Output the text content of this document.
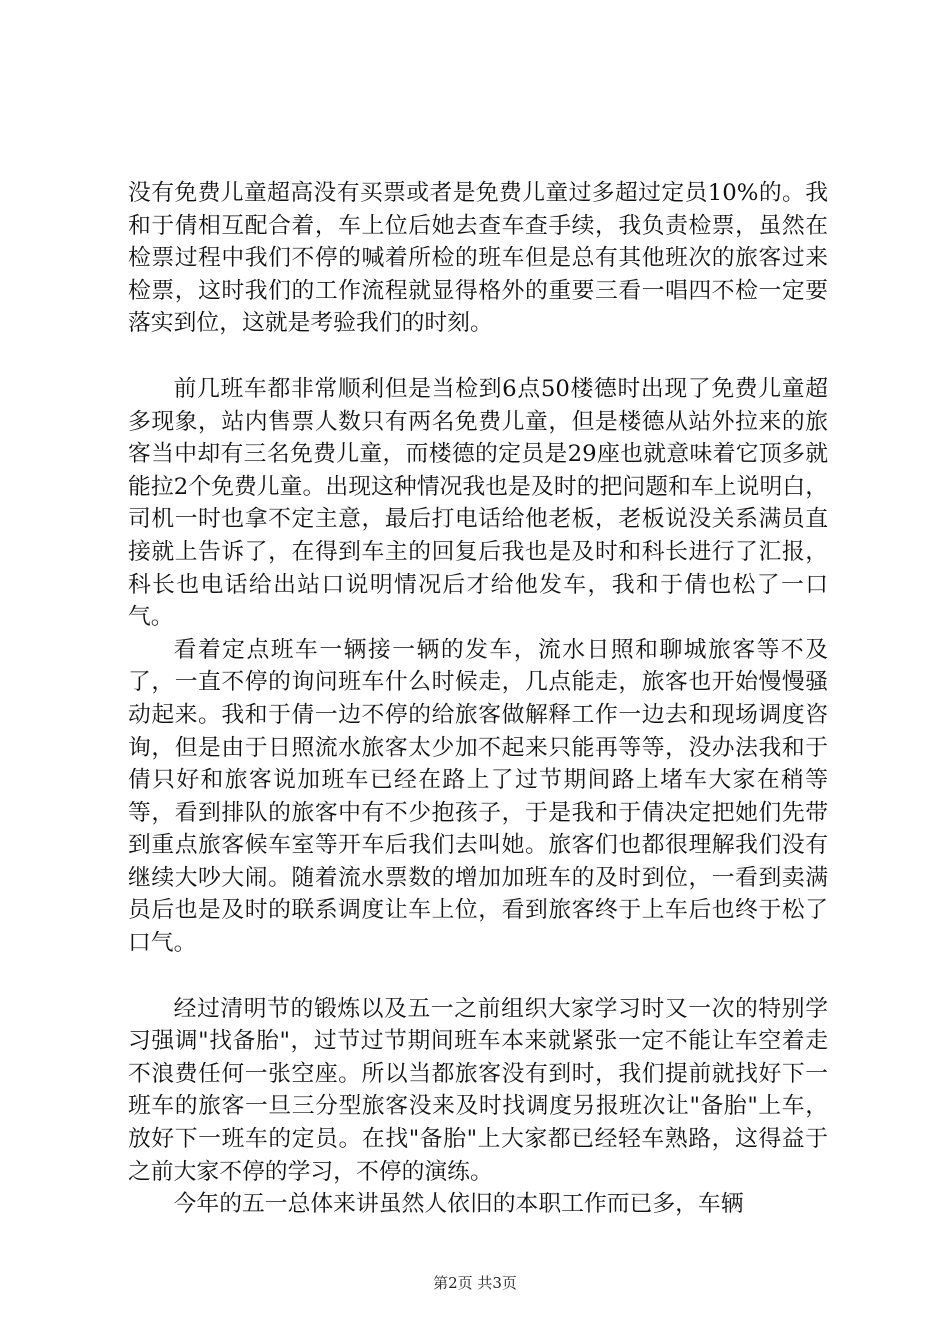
没有免费儿童超高没有买票或者是免费儿童过多超过定员10%的。我和于倩相互配合着，车上位后她去查车查手续，我负责检票，虽然在检票过程中我们不停的喊着所检的班车但是总有其他班次的旅客过来检票，这时我们的工作流程就显得格外的重要三看一唱四不检一定要落实到位，这就是考验我们的时刻。

前几班车都非常顺利但是当检到6点50楼德时出现了免费儿童超多现象，站内售票人数只有两名免费儿童，但是楼德从站外拉来的旅客当中却有三名免费儿童，而楼德的定员是29座也就意味着它顶多就能拉2个免费儿童。出现这种情况我也是及时的把问题和车上说明白，司机一时也拿不定主意，最后打电话给他老板，老板说没关系满员直接就上告诉了，在得到车主的回复后我也是及时和科长进行了汇报，科长也电话给出站口说明情况后才给他发车，我和于倩也松了一口气。

看着定点班车一辆接一辆的发车，流水日照和聊城旅客等不及了，一直不停的询问班车什么时候走，几点能走，旅客也开始慢慢骚动起来。我和于倩一边不停的给旅客做解释工作一边去和现场调度咨询，但是由于日照流水旅客太少加不起来只能再等等，没办法我和于倩只好和旅客说加班车已经在路上了过节期间路上堵车大家在稍等等，看到排队的旅客中有不少抱孩子，于是我和于倩决定把她们先带到重点旅客候车室等开车后我们去叫她。旅客们也都很理解我们没有继续大吵大闹。随着流水票数的增加加班车的及时到位，一看到卖满员后也是及时的联系调度让车上位，看到旅客终于上车后也终于松了口气。

经过清明节的锻炼以及五一之前组织大家学习时又一次的特别学习强调"找备胎"，过节过节期间班车本来就紧张一定不能让车空着走不浪费任何一张空座。所以当都旅客没有到时，我们提前就找好下一班车的旅客一旦三分型旅客没来及时找调度另报班次让"备胎"上车，放好下一班车的定员。在找"备胎"上大家都已经轻车熟路，这得益于之前大家不停的学习，不停的演练。

今年的五一总体来讲虽然人依旧的本职工作而已多，车辆

第2页 共3页
